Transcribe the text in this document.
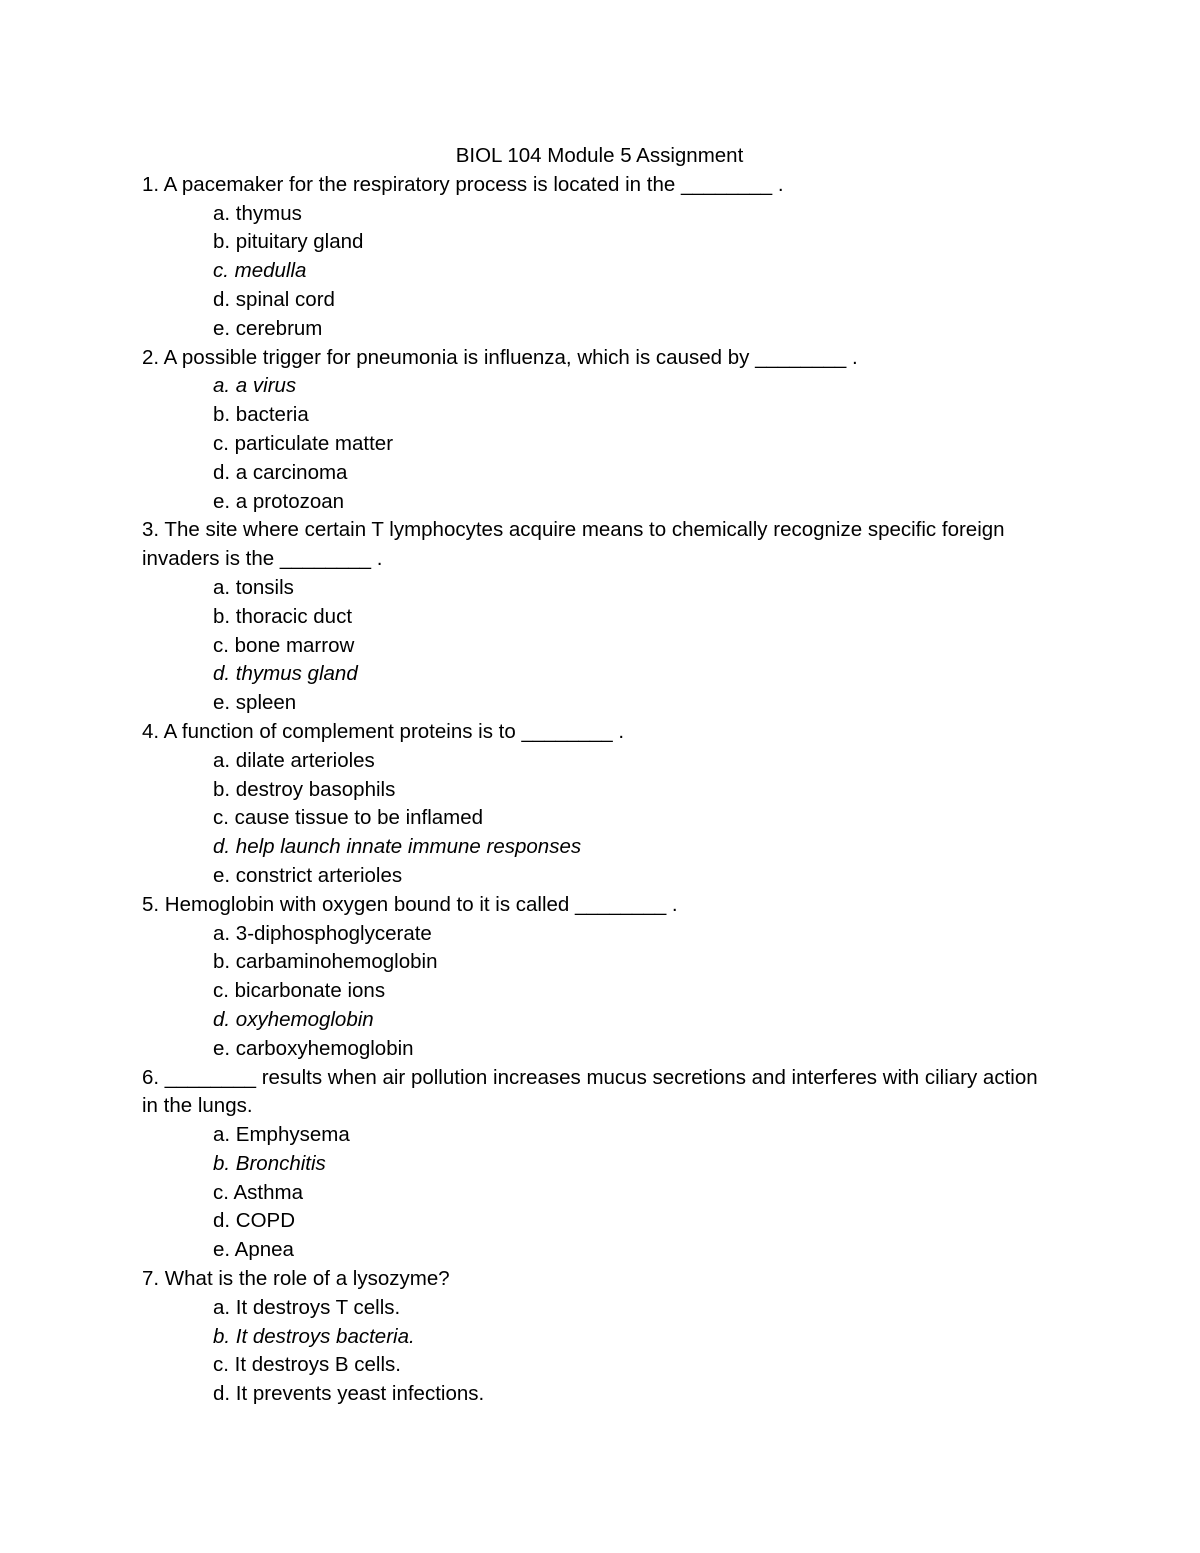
BIOL 104 Module 5 Assignment

1. A pacemaker for the respiratory process is located in the ________ .

a. thymus

b. pituitary gland

c. medulla

d. spinal cord

e. cerebrum

2. A possible trigger for pneumonia is influenza, which is caused by ________ .

a. a virus

b. bacteria

c. particulate matter

d. a carcinoma

e. a protozoan

3. The site where certain T lymphocytes acquire means to chemically recognize specific foreign invaders is the ________ .

a. tonsils

b. thoracic duct

c. bone marrow

d. thymus gland

e. spleen

4. A function of complement proteins is to ________ .

a. dilate arterioles

b. destroy basophils

c. cause tissue to be inflamed

d. help launch innate immune responses

e. constrict arterioles

5. Hemoglobin with oxygen bound to it is called ________ .

a. 3-diphosphoglycerate

b. carbaminohemoglobin

c. bicarbonate ions

d. oxyhemoglobin

e. carboxyhemoglobin

6. ________ results when air pollution increases mucus secretions and interferes with ciliary action in the lungs.

a. Emphysema

b. Bronchitis

c. Asthma

d. COPD

e. Apnea

7. What is the role of a lysozyme?

a. It destroys T cells.

b. It destroys bacteria.

c. It destroys B cells.

d. It prevents yeast infections.
